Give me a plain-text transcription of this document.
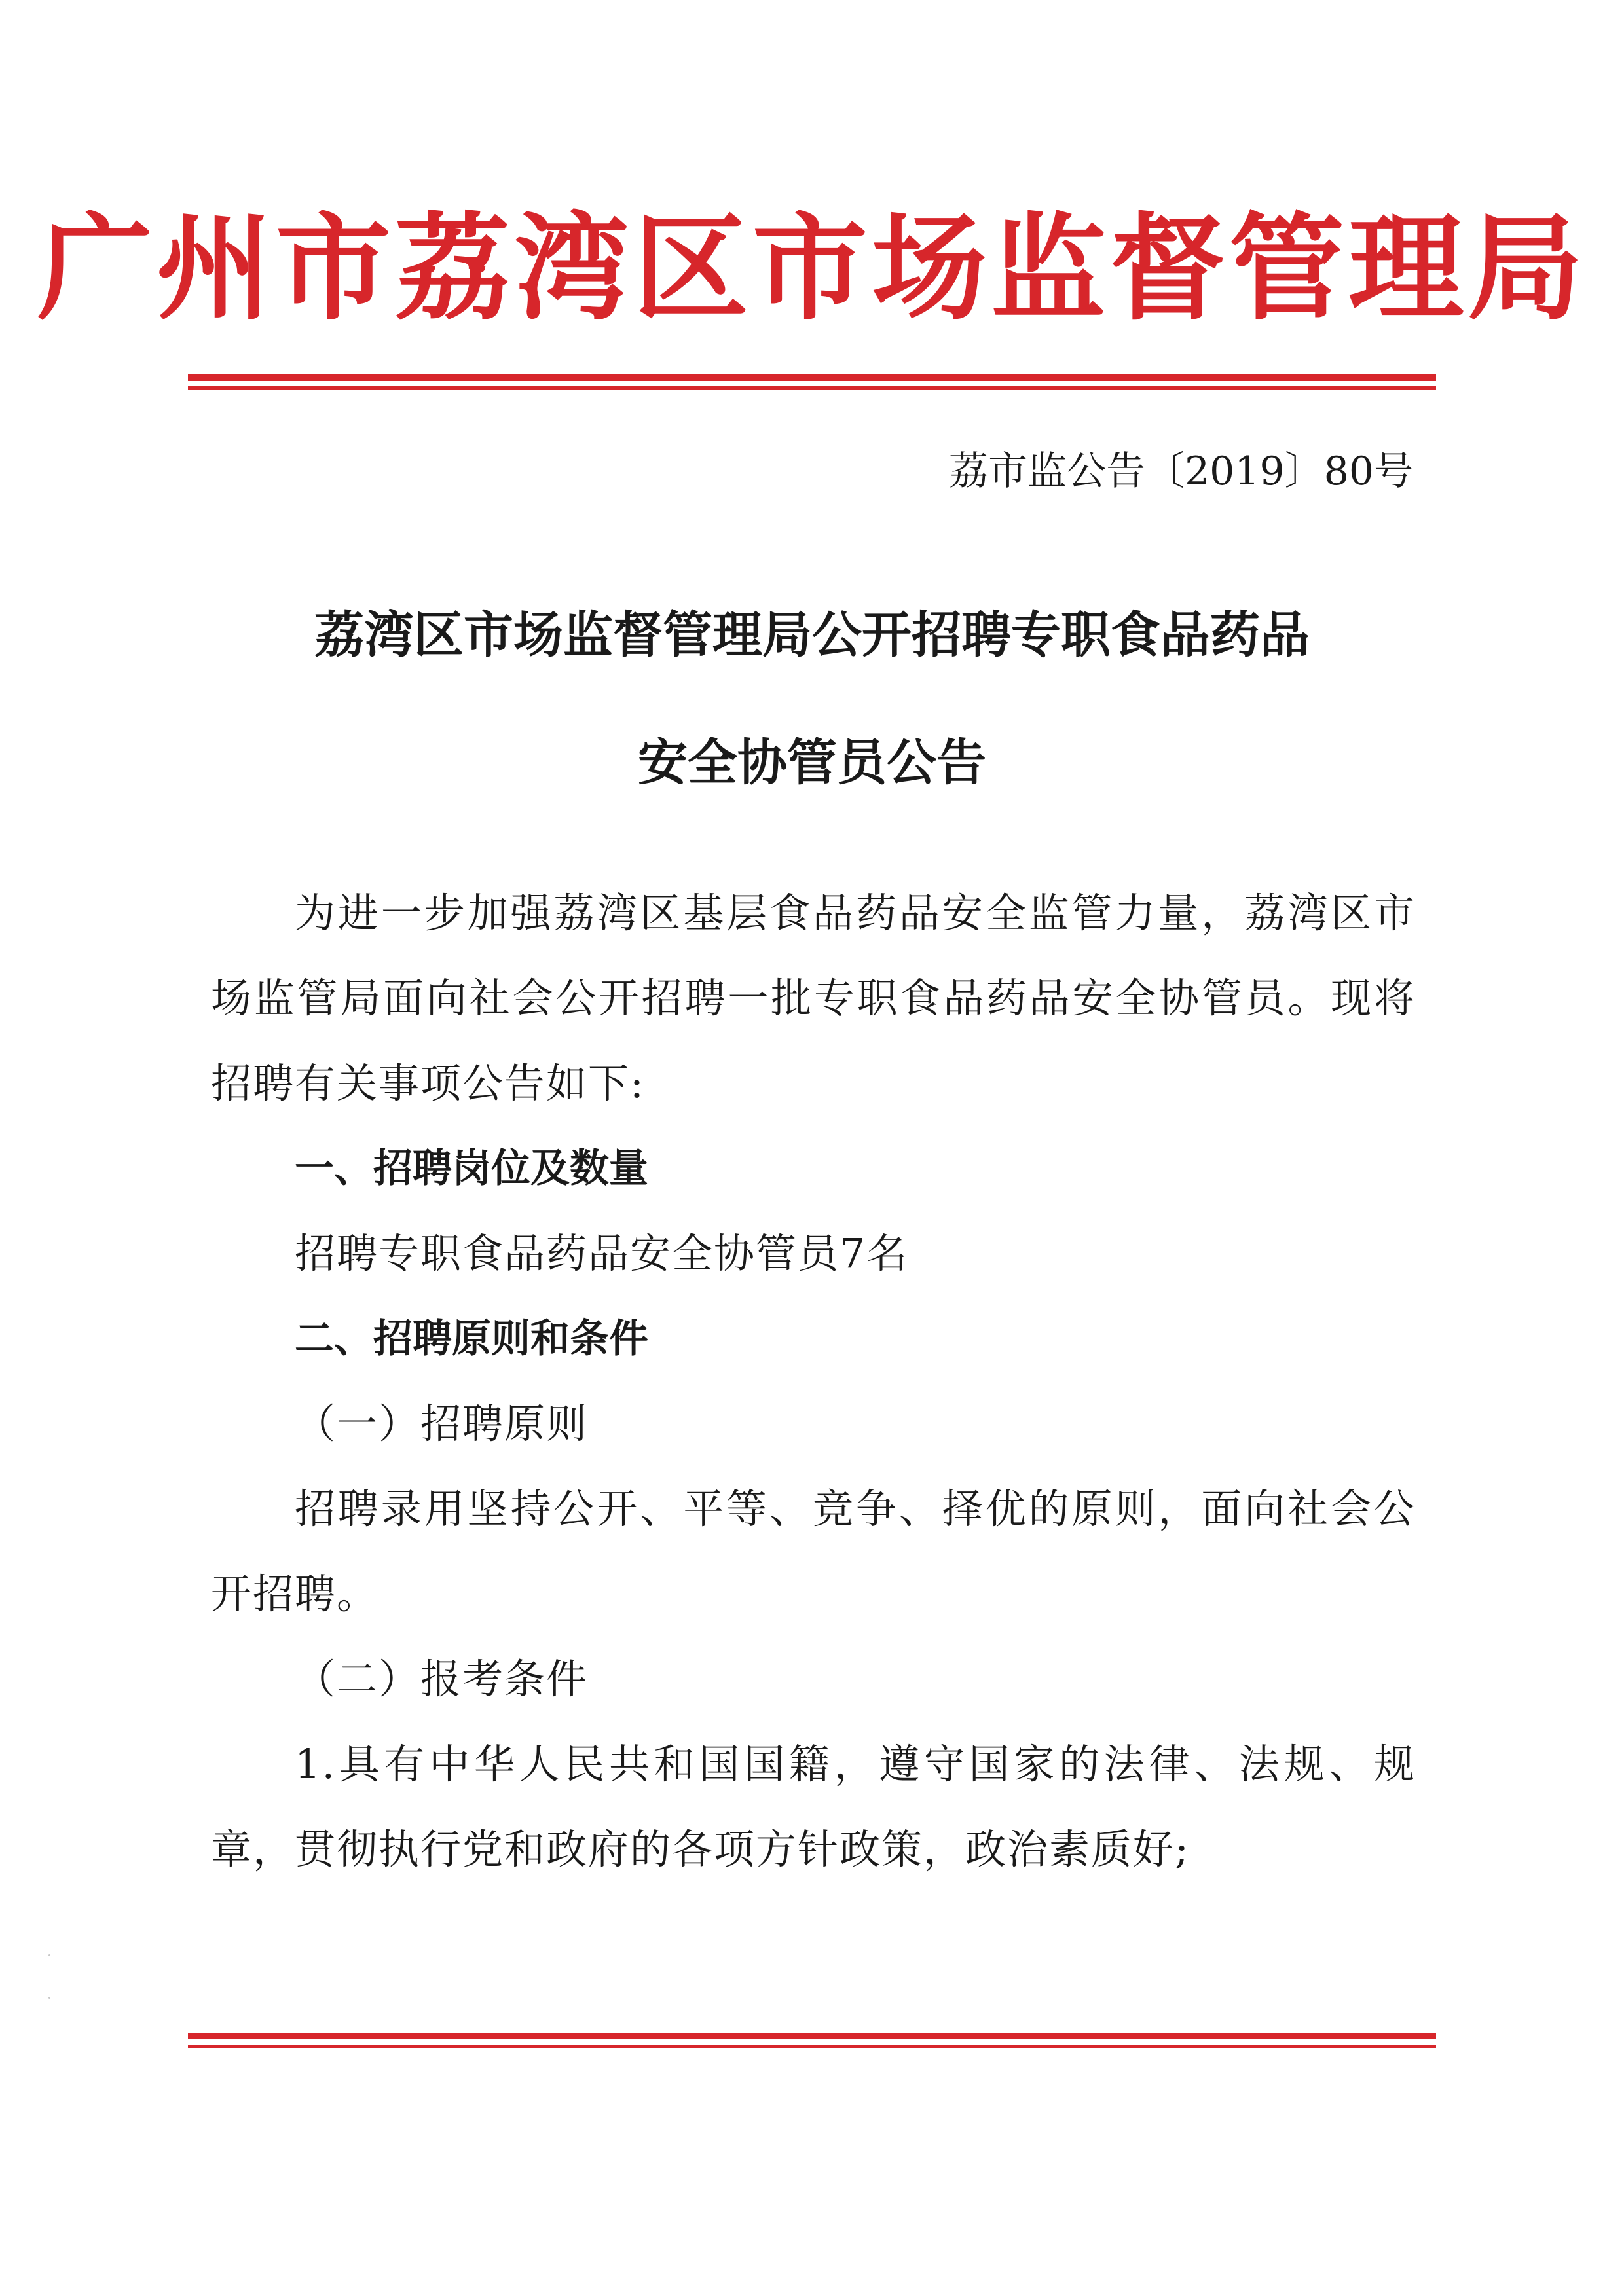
广州市荔湾区市场监督管理局
荔市监公告〔2019〕80号
荔湾区市场监督管理局公开招聘专职食品药品
安全协管员公告

为进一步加强荔湾区基层食品药品安全监管力量，荔湾区市场监管局面向社会公开招聘一批专职食品药品安全协管员。现将招聘有关事项公告如下:

一、招聘岗位及数量

招聘专职食品药品安全协管员7名

二、招聘原则和条件

（一）招聘原则

招聘录用坚持公开、平等、竞争、择优的原则，面向社会公开招聘。

（二）报考条件

1.具有中华人民共和国国籍，遵守国家的法律、法规、规章，贯彻执行党和政府的各项方针政策，政治素质好;
